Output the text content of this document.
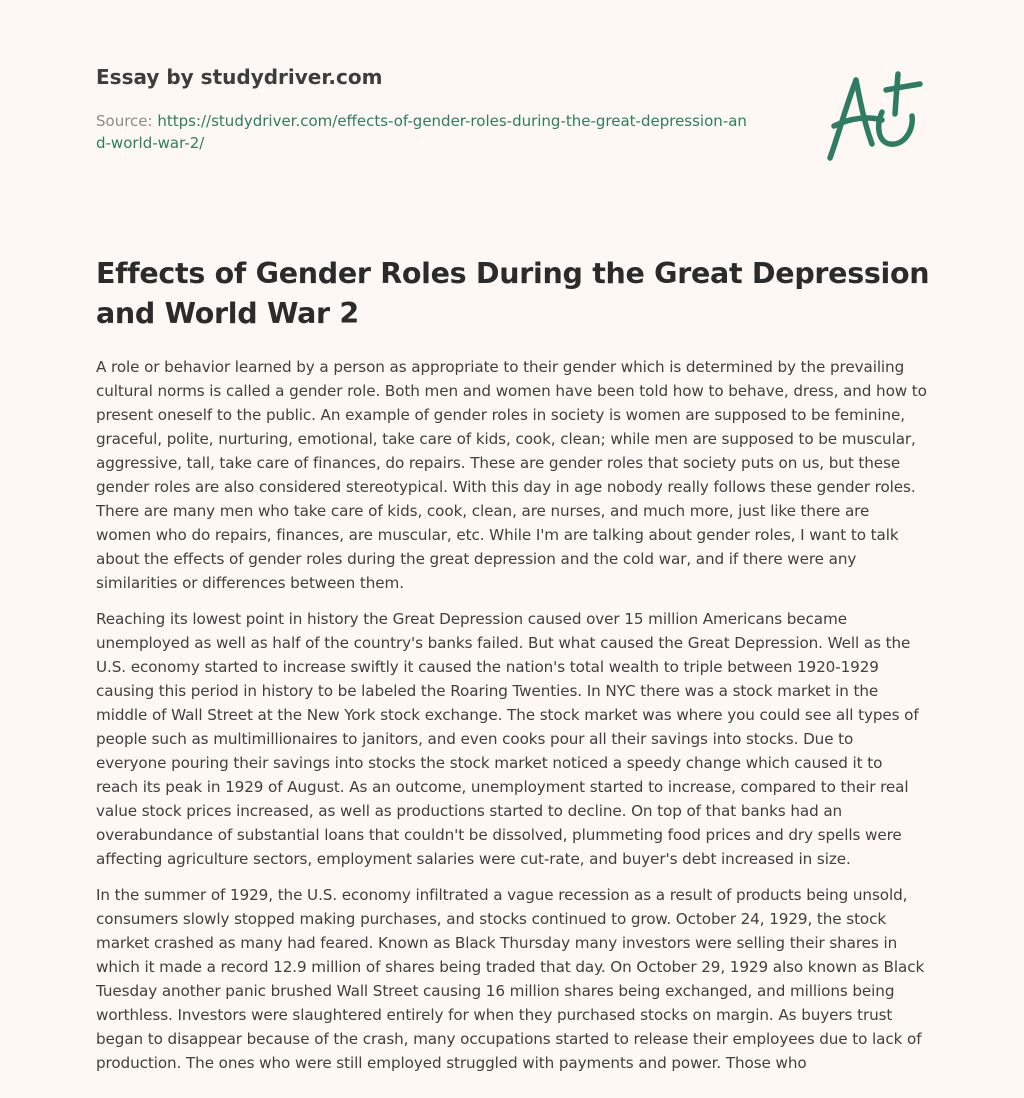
Essay by studydriver.com
Source: https://studydriver.com/effects-of-gender-roles-during-the-great-depression-and-world-war-2/
Effects of Gender Roles During the Great Depression and World War 2

A role or behavior learned by a person as appropriate to their gender which is determined by the prevailing cultural norms is called a gender role. Both men and women have been told how to behave, dress, and how to present oneself to the public. An example of gender roles in society is women are supposed to be feminine, graceful, polite, nurturing, emotional, take care of kids, cook, clean; while men are supposed to be muscular, aggressive, tall, take care of finances, do repairs. These are gender roles that society puts on us, but these gender roles are also considered stereotypical. With this day in age nobody really follows these gender roles. There are many men who take care of kids, cook, clean, are nurses, and much more, just like there are women who do repairs, finances, are muscular, etc. While I'm are talking about gender roles, I want to talk about the effects of gender roles during the great depression and the cold war, and if there were any similarities or differences between them.

Reaching its lowest point in history the Great Depression caused over 15 million Americans became unemployed as well as half of the country's banks failed. But what caused the Great Depression. Well as the U.S. economy started to increase swiftly it caused the nation's total wealth to triple between 1920-1929 causing this period in history to be labeled the Roaring Twenties. In NYC there was a stock market in the middle of Wall Street at the New York stock exchange. The stock market was where you could see all types of people such as multimillionaires to janitors, and even cooks pour all their savings into stocks. Due to everyone pouring their savings into stocks the stock market noticed a speedy change which caused it to reach its peak in 1929 of August. As an outcome, unemployment started to increase, compared to their real value stock prices increased, as well as productions started to decline. On top of that banks had an overabundance of substantial loans that couldn't be dissolved, plummeting food prices and dry spells were affecting agriculture sectors, employment salaries were cut-rate, and buyer's debt increased in size.

In the summer of 1929, the U.S. economy infiltrated a vague recession as a result of products being unsold, consumers slowly stopped making purchases, and stocks continued to grow. October 24, 1929, the stock market crashed as many had feared. Known as Black Thursday many investors were selling their shares in which it made a record 12.9 million of shares being traded that day. On October 29, 1929 also known as Black Tuesday another panic brushed Wall Street causing 16 million shares being exchanged, and millions being worthless. Investors were slaughtered entirely for when they purchased stocks on margin. As buyers trust began to disappear because of the crash, many occupations started to release their employees due to lack of production. The ones who were still employed struggled with payments and power. Those who
